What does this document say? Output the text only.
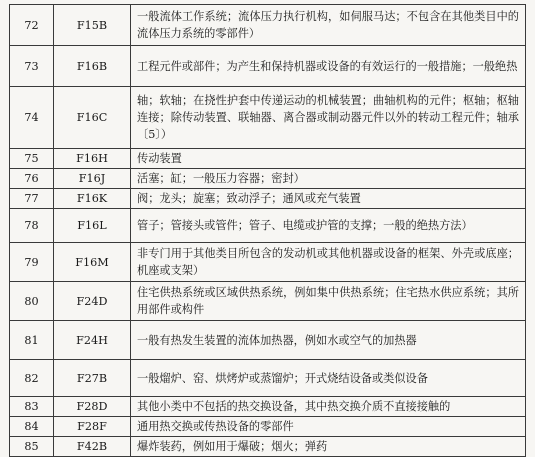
72	F15B	一般流体工作系统；流体压力执行机构，如伺服马达；不包含在其他类目中的流体压力系统的零部件）
73	F16B	工程元件或部件；为产生和保持机器或设备的有效运行的一般措施；一般绝热
74	F16C	轴；软轴；在挠性护套中传递运动的机械装置；曲轴机构的元件；枢轴；枢轴连接；除传动装置、联轴器、离合器或制动器元件以外的转动工程元件；轴承〔5〕）
75	F16H	传动装置
76	F16J	活塞；缸；一般压力容器；密封）
77	F16K	阀；龙头；旋塞；致动浮子；通风或充气装置
78	F16L	管子；管接头或管件；管子、电缆或护管的支撑；一般的绝热方法）
79	F16M	非专门用于其他类目所包含的发动机或其他机器或设备的框架、外壳或底座；机座或支架）
80	F24D	住宅供热系统或区域供热系统，例如集中供热系统；住宅热水供应系统；其所用部件或构件
81	F24H	一般有热发生装置的流体加热器，例如水或空气的加热器
82	F27B	一般熘炉、窑、烘烤炉或蒸馏炉；开式烧结设备或类似设备
83	F28D	其他小类中不包括的热交换设备，其中热交换介质不直接接触的
84	F28F	通用热交换或传热设备的零部件
85	F42B	爆炸装药，例如用于爆破；烟火；弹药
